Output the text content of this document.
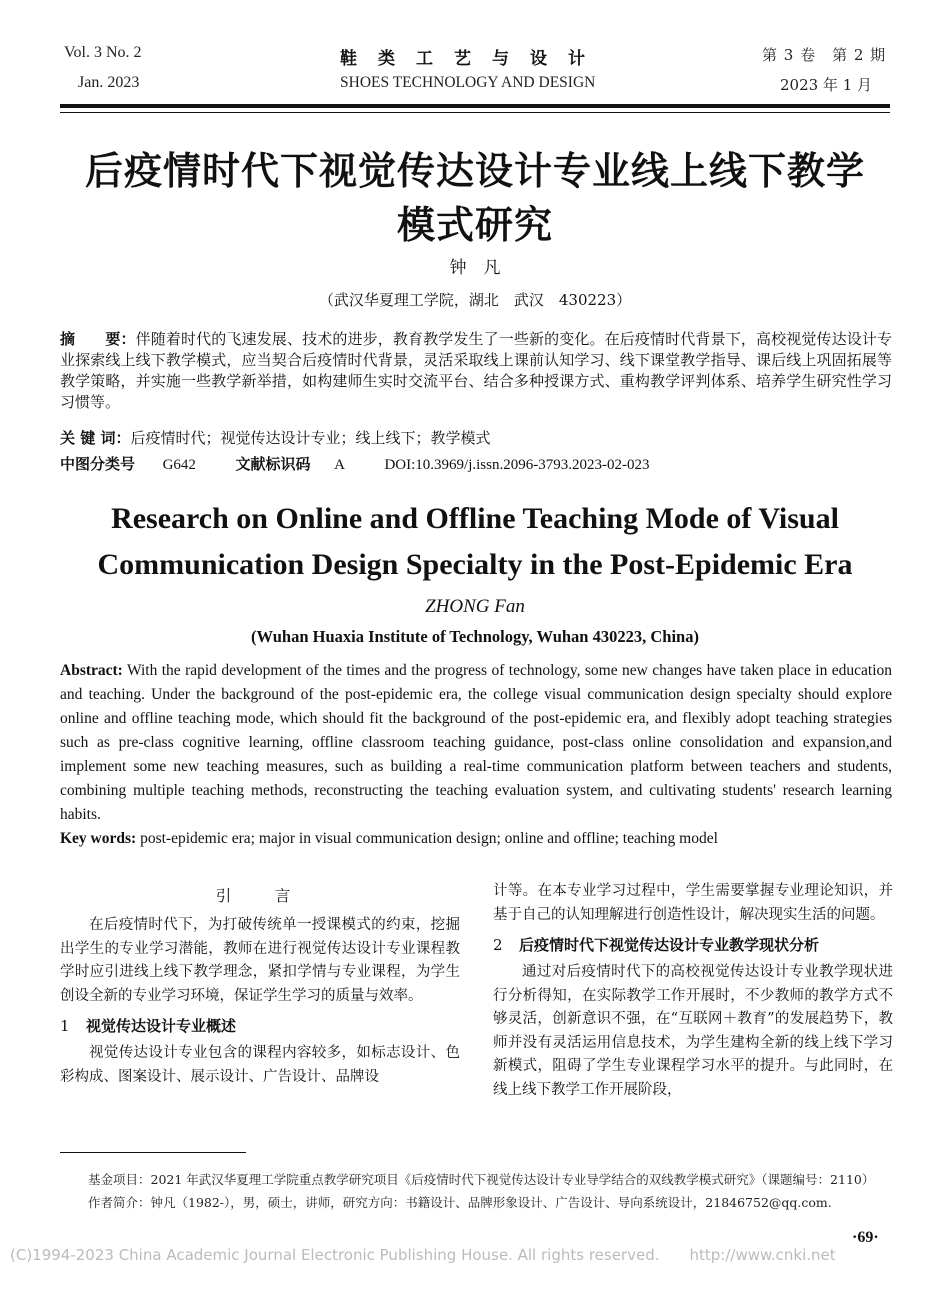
Vol. 3 No. 2
Jan. 2023
鞋类工艺与设计
SHOES TECHNOLOGY AND DESIGN
第 3 卷　第 2 期
2023 年 1 月
后疫情时代下视觉传达设计专业线上线下教学
模式研究
钟　凡
（武汉华夏理工学院，湖北　武汉　430223）
摘　　要：伴随着时代的飞速发展、技术的进步，教育教学发生了一些新的变化。在后疫情时代背景下，高校视觉传达设计专业探索线上线下教学模式，应当契合后疫情时代背景，灵活采取线上课前认知学习、线下课堂教学指导、课后线上巩固拓展等教学策略，并实施一些教学新举措，如构建师生实时交流平台、结合多种授课方式、重构教学评判体系、培养学生研究性学习习惯等。
关 键 词：后疫情时代；视觉传达设计专业；线上线下；教学模式
中图分类号 G642	文献标识码 A	DOI:10.3969/j.issn.2096-3793.2023-02-023
Research on Online and Offline Teaching Mode of Visual
Communication Design Specialty in the Post-Epidemic Era
ZHONG Fan
(Wuhan Huaxia Institute of Technology, Wuhan 430223, China)
Abstract: With the rapid development of the times and the progress of technology, some new changes have taken place in education and teaching. Under the background of the post-epidemic era, the college visual communication design specialty should explore online and offline teaching mode, which should fit the background of the post-epidemic era, and flexibly adopt teaching strategies such as pre-class cognitive learning, offline classroom teaching guidance, post-class online consolidation and expansion,and implement some new teaching measures, such as building a real-time communication platform between teachers and students, combining multiple teaching methods, reconstructing the teaching evaluation system, and cultivating students' research learning habits.
Key words: post-epidemic era; major in visual communication design; online and offline; teaching model
引　言

在后疫情时代下，为打破传统单一授课模式的约束，挖掘出学生的专业学习潜能，教师在进行视觉传达设计专业课程教学时应引进线上线下教学理念，紧扣学情与专业课程，为学生创设全新的专业学习环境，保证学生学习的质量与效率。

1 视觉传达设计专业概述

视觉传达设计专业包含的课程内容较多，如标志设计、色彩构成、图案设计、展示设计、广告设计、品牌设

计等。在本专业学习过程中，学生需要掌握专业理论知识，并基于自己的认知理解进行创造性设计，解决现实生活的问题。

2 后疫情时代下视觉传达设计专业教学现状分析

通过对后疫情时代下的高校视觉传达设计专业教学现状进行分析得知，在实际教学工作开展时，不少教师的教学方式不够灵活，创新意识不强，在“互联网＋教育”的发展趋势下，教师并没有灵活运用信息技术，为学生建构全新的线上线下学习新模式，阻碍了学生专业课程学习水平的提升。与此同时，在线上线下教学工作开展阶段，

基金项目：2021 年武汉华夏理工学院重点教学研究项目《后疫情时代下视觉传达设计专业导学结合的双线教学模式研究》（课题编号：2110）
作者简介：钟凡（1982-），男，硕士，讲师，研究方向：书籍设计、品牌形象设计、广告设计、导向系统设计，21846752@qq.com.
·69·
(C)1994-2023 China Academic Journal Electronic Publishing House. All rights reserved.　　http://www.cnki.net
